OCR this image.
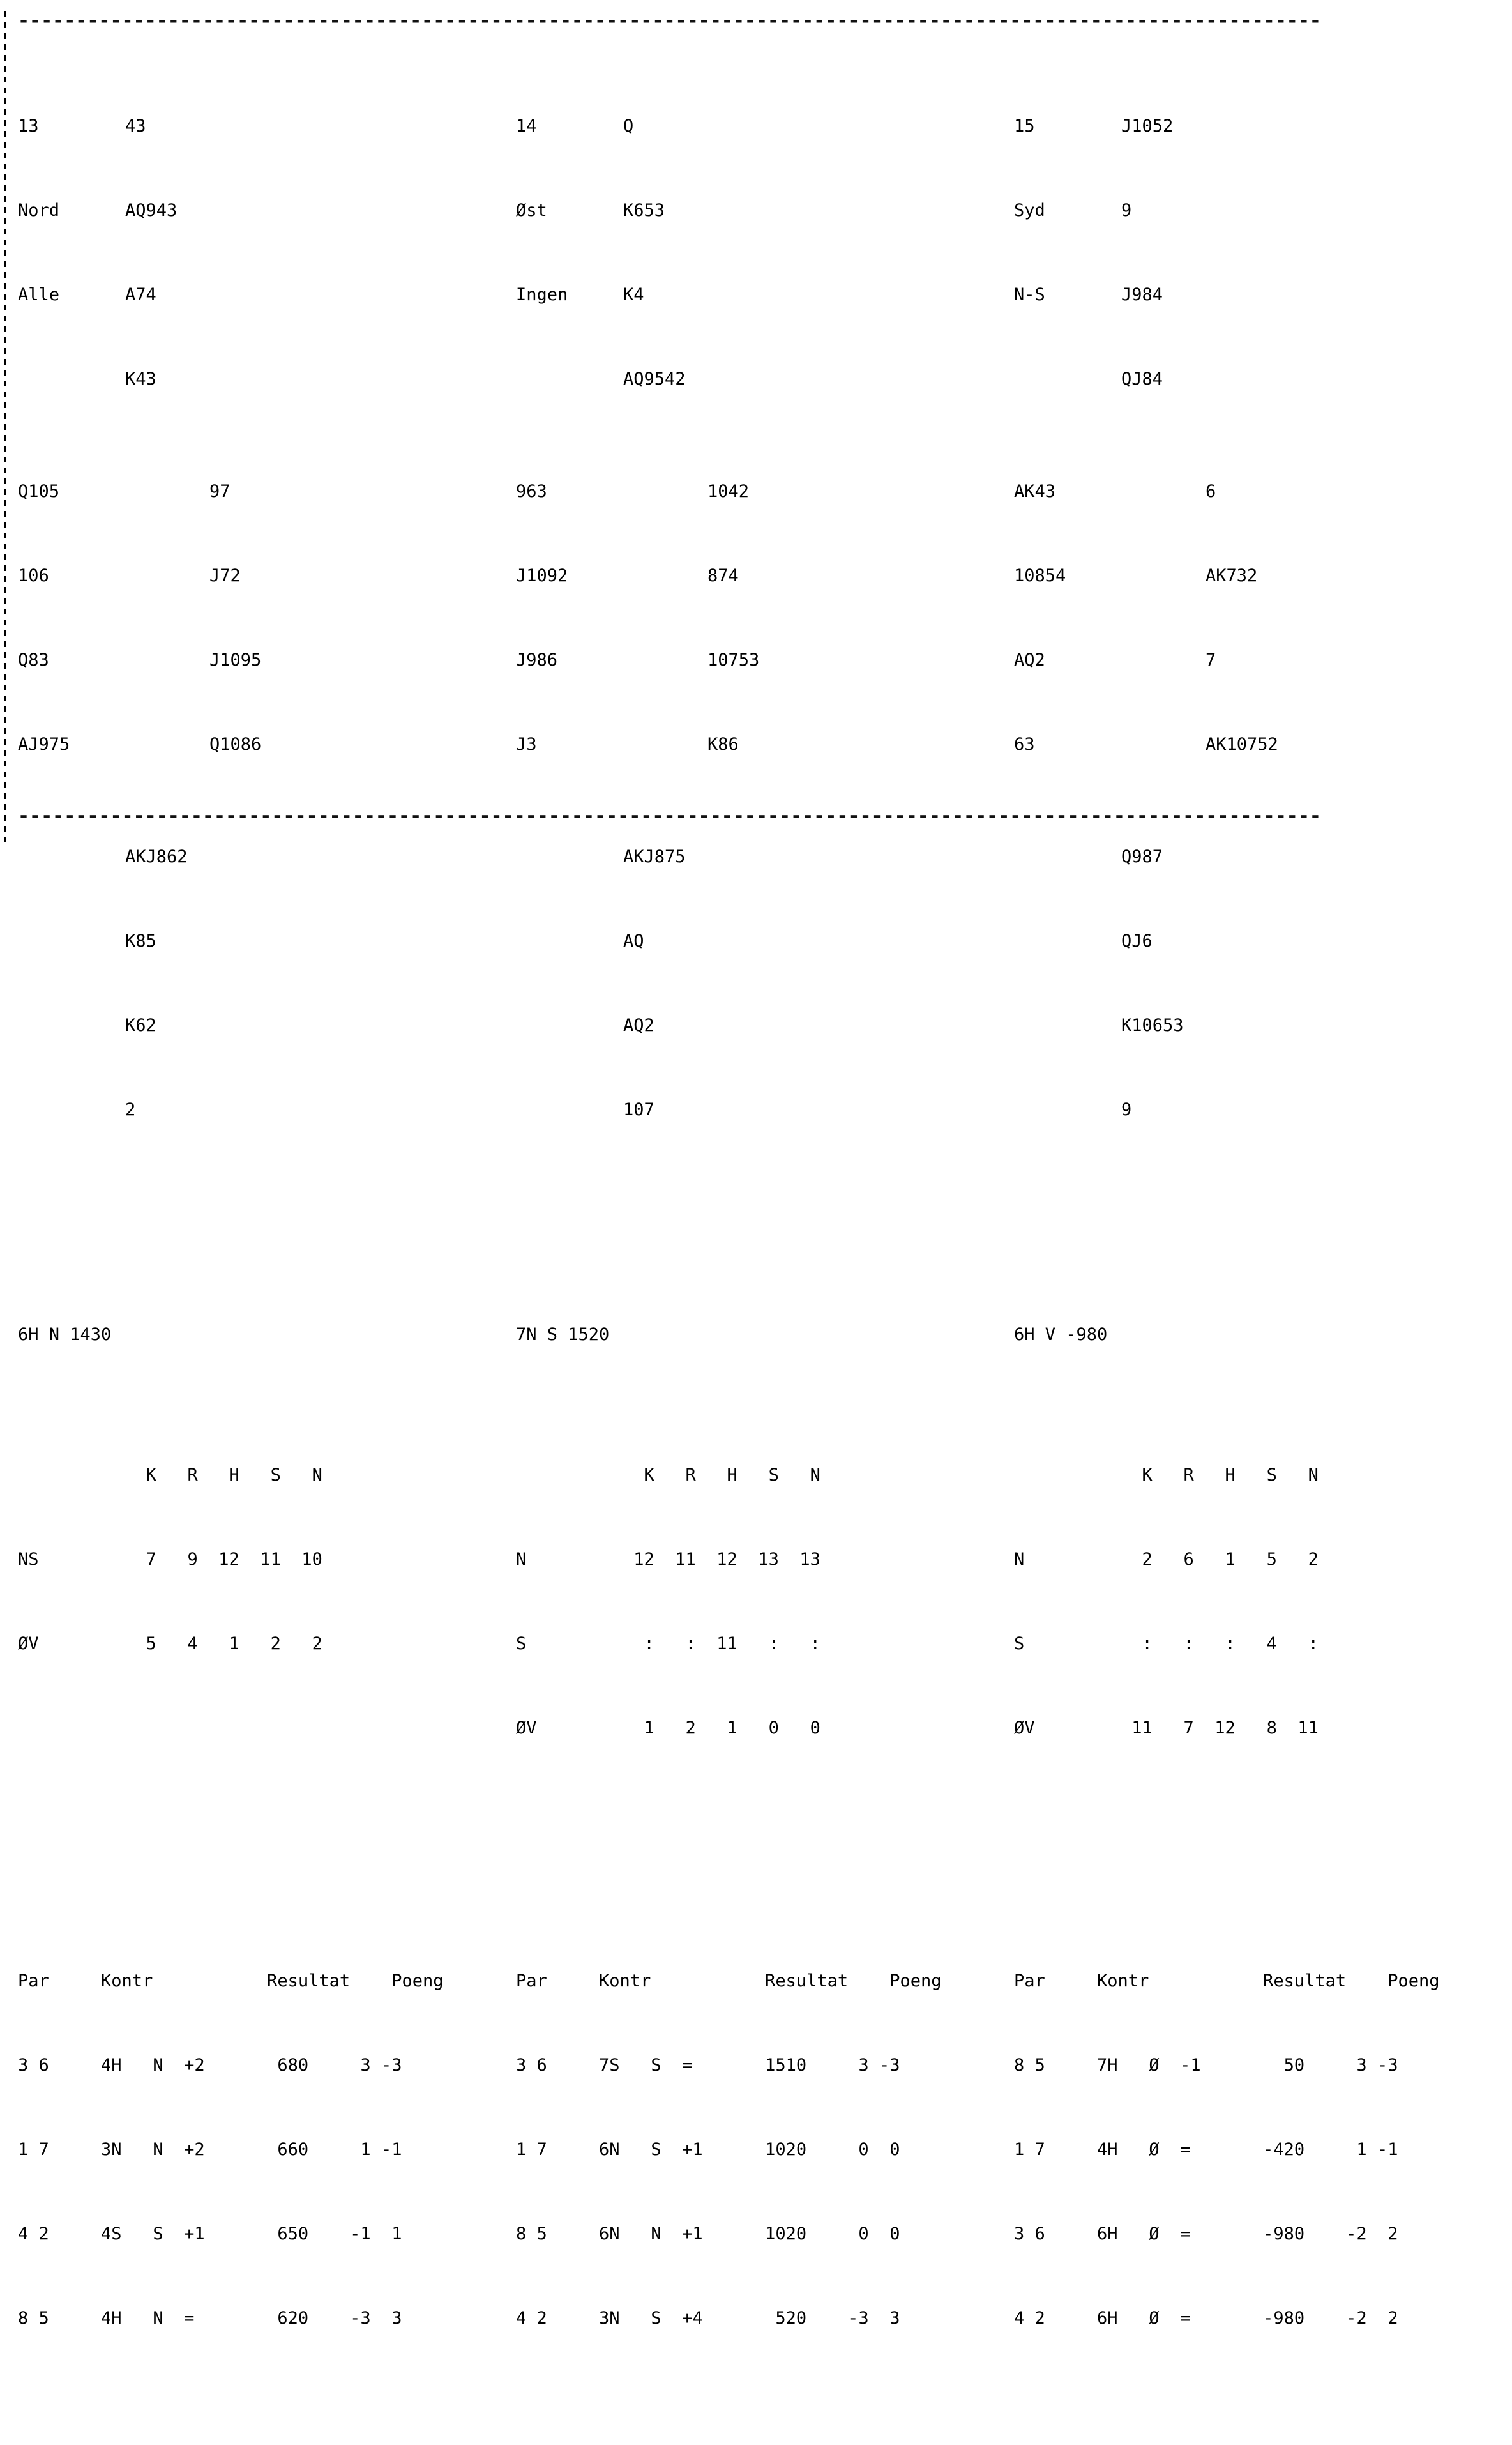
-----------------------------------------------------------------------------------------------------------------

13	43

Nord	AQ943

Alle	A74

K43

Q105	97

106	J72

Q83	J1095

AJ975	Q1086

AKJ862

K85

K62

2

6H N 1430

K   R   H   S   N

NS	7   9  12  11  10

ØV	5   4   1   2   2

Par     Kontr           Resultat    Poeng

3 6     4H   N  +2       680     3 -3

1 7     3N   N  +2       660     1 -1

4 2     4S   S  +1       650    -1  1

8 5     4H   N  =        620    -3  3

14	Q

Øst	K653

Ingen	K4

AQ9542

963	1042

J1092	874

J986	10753

J3	K86

AKJ875

AQ

AQ2

107

7N S 1520

K   R   H   S   N

N	12  11  12  13  13

S	:   :  11   :   :

ØV	1   2   1   0   0

Par     Kontr           Resultat    Poeng

3 6     7S   S  =       1510     3 -3

1 7     6N   S  +1      1020     0  0

8 5     6N   N  +1      1020     0  0

4 2     3N   S  +4       520    -3  3

15	J1052

Syd	9

N-S	J984

QJ84

AK43	6

10854	AK732

AQ2	7

63	AK10752

Q987

QJ6

K10653

9

6H V -980

K   R   H   S   N

N	2   6   1   5   2

S	:   :   :   4   :

ØV	11   7  12   8  11

Par     Kontr           Resultat    Poeng

8 5     7H   Ø  -1        50     3 -3

1 7     4H   Ø  =       -420     1 -1

3 6     6H   Ø  =       -980    -2  2

4 2     6H   Ø  =       -980    -2  2

-----------------------------------------------------------------------------------------------------------------
